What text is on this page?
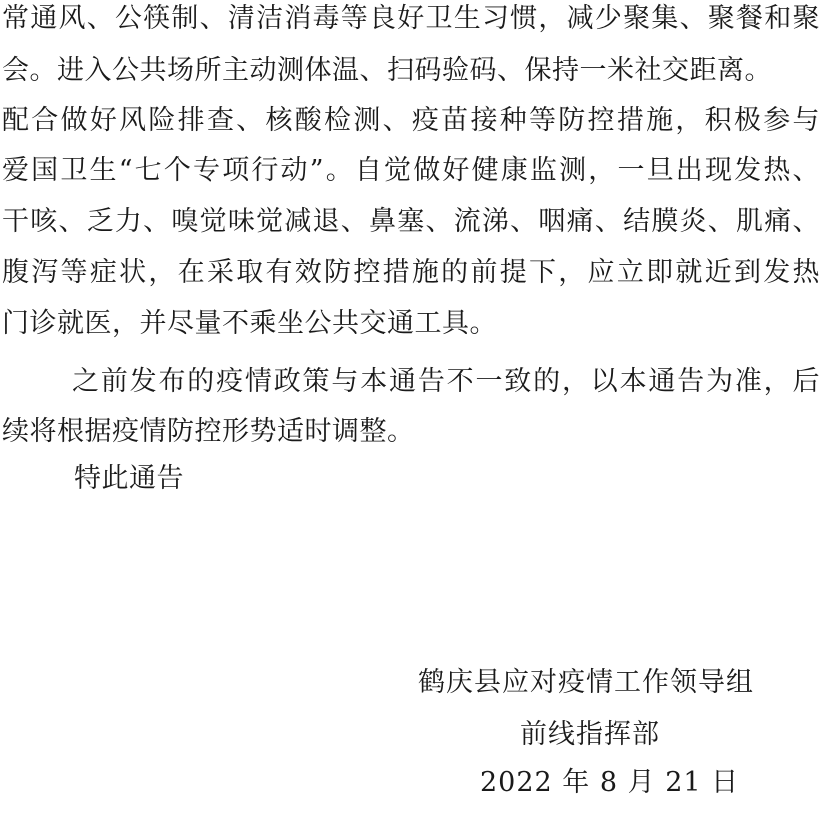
常通风、公筷制、清洁消毒等良好卫生习惯，减少聚集、聚餐和聚
会。进入公共场所主动测体温、扫码验码、保持一米社交距离。
配合做好风险排查、核酸检测、疫苗接种等防控措施，积极参与
爱国卫生“七个专项行动”。自觉做好健康监测，一旦出现发热、
干咳、乏力、嗅觉味觉减退、鼻塞、流涕、咽痛、结膜炎、肌痛、
腹泻等症状，在采取有效防控措施的前提下，应立即就近到发热
门诊就医，并尽量不乘坐公共交通工具。
之前发布的疫情政策与本通告不一致的，以本通告为准，后
续将根据疫情防控形势适时调整。
特此通告
鹤庆县应对疫情工作领导组
前线指挥部
2022 年 8 月 21 日
